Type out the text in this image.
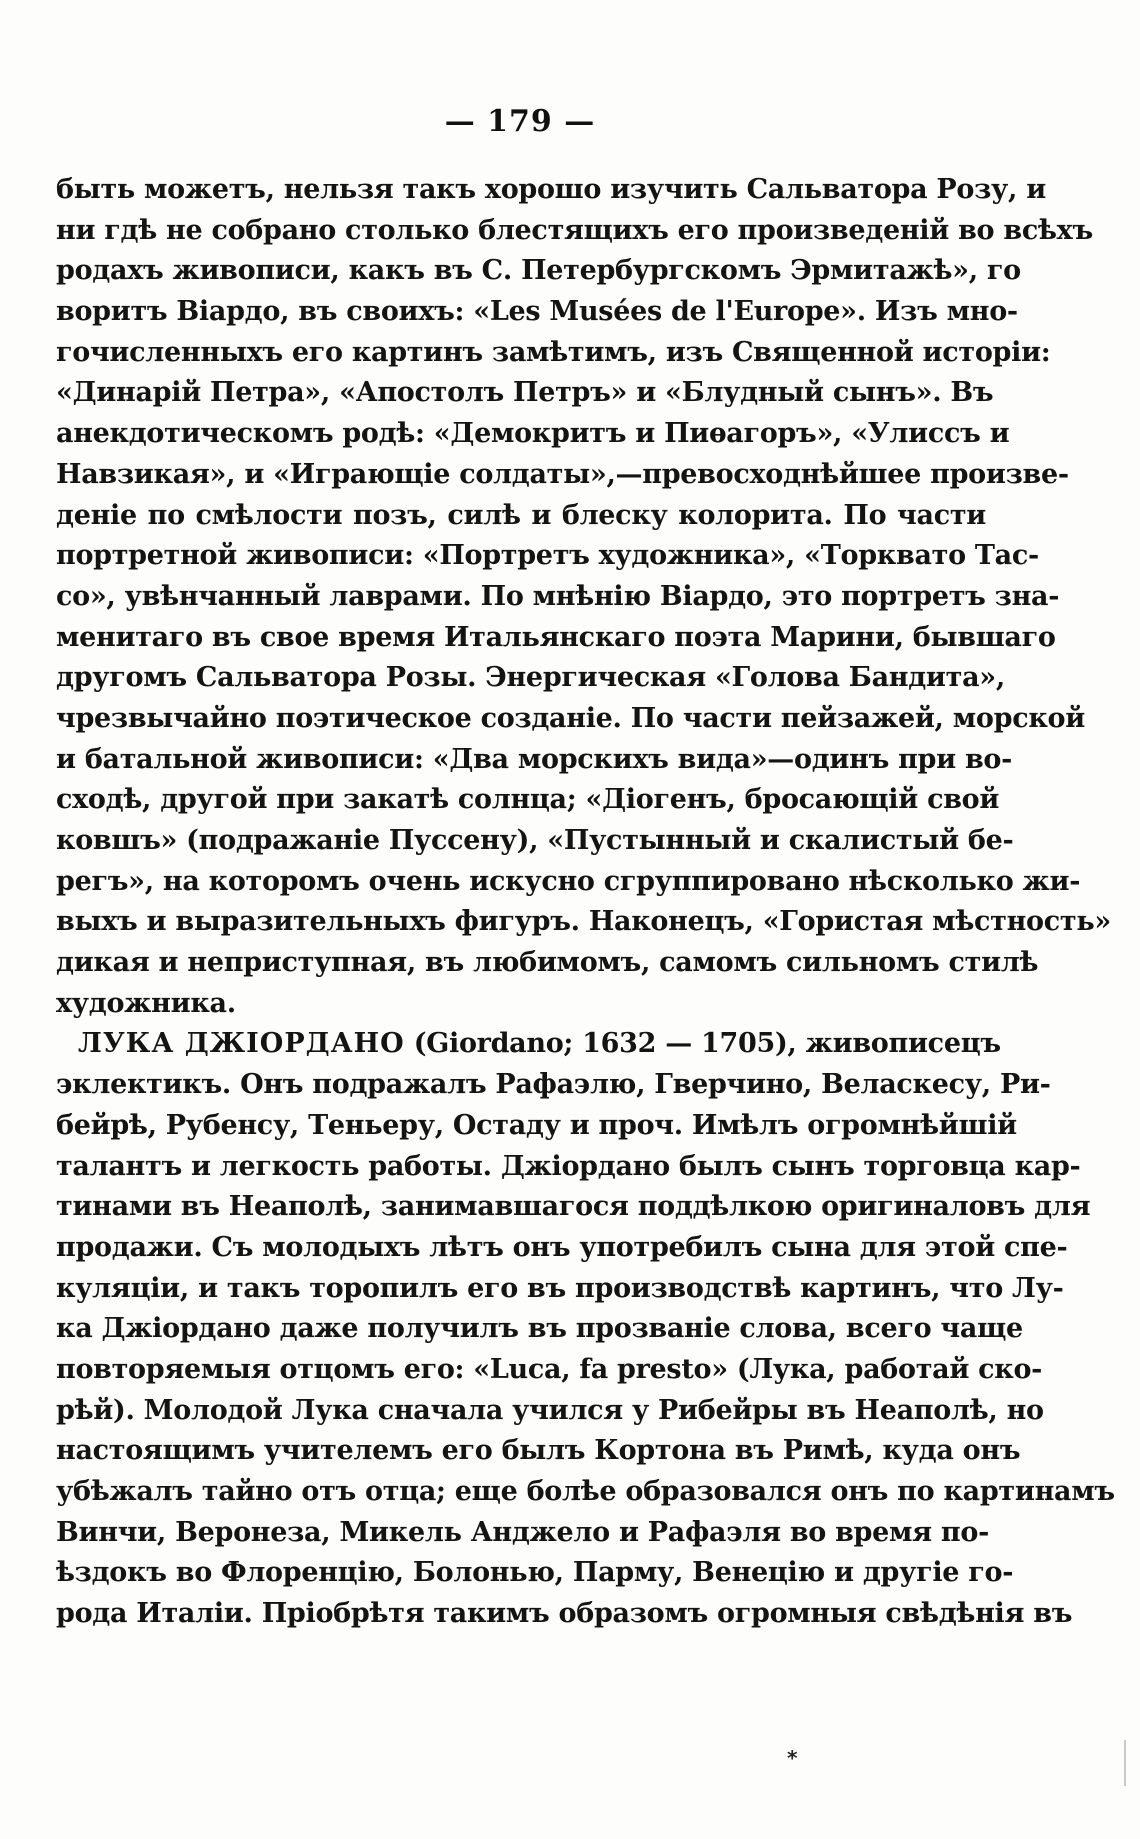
— 179 —
быть можетъ, нельзя такъ хорошо изучить Сальватора Розу, и
ни гдѣ не собрано столько блестящихъ его произведеній во всѣхъ
родахъ живописи, какъ въ С. Петербургскомъ Эрмитажѣ», го
воритъ Віардо, въ своихъ: «Les Musées de l'Europe». Изъ мно-
гочисленныхъ его картинъ замѣтимъ, изъ Священной исторіи:
«Динарій Петра», «Апостолъ Петръ» и «Блудный сынъ». Въ
анекдотическомъ родѣ: «Демокритъ и Пиѳагоръ», «Улиссъ и
Навзикая», и «Играющіе солдаты»,—превосходнѣйшее произве-
деніе по смѣлости позъ, силѣ и блеску колорита. По части
портретной живописи: «Портретъ художника», «Торквато Тас-
со», увѣнчанный лаврами. По мнѣнію Віардо, это портретъ зна-
менитаго въ свое время Итальянскаго поэта Марини, бывшаго
другомъ Сальватора Розы. Энергическая «Голова Бандита»,
чрезвычайно поэтическое созданіе. По части пейзажей, морской
и батальной живописи: «Два морскихъ вида»—одинъ при во-
сходѣ, другой при закатѣ солнца; «Діогенъ, бросающій свой
ковшъ» (подражаніе Пуссену), «Пустынный и скалистый бе-
регъ», на которомъ очень искусно сгруппировано нѣсколько жи-
выхъ и выразительныхъ фигуръ. Наконецъ, «Гористая мѣстность»
дикая и неприступная, въ любимомъ, самомъ сильномъ стилѣ
художника.
ЛУКА ДЖІОРДАНО (Giordano; 1632 — 1705), живописецъ
эклектикъ. Онъ подражалъ Рафаэлю, Гверчино, Веласкесу, Ри-
бейрѣ, Рубенсу, Теньеру, Остаду и проч. Имѣлъ огромнѣйшій
талантъ и легкость работы. Джіордано былъ сынъ торговца кар-
тинами въ Неаполѣ, занимавшагося поддѣлкою оригиналовъ для
продажи. Съ молодыхъ лѣтъ онъ употребилъ сына для этой спе-
куляціи, и такъ торопилъ его въ производствѣ картинъ, что Лу-
ка Джіордано даже получилъ въ прозваніе слова, всего чаще
повторяемыя отцомъ его: «Luca, fa presto» (Лука, работай ско-
рѣй). Молодой Лука сначала учился у Рибейры въ Неаполѣ, но
настоящимъ учителемъ его былъ Кортона въ Римѣ, куда онъ
убѣжалъ тайно отъ отца; еще болѣе образовался онъ по картинамъ
Винчи, Веронеза, Микель Анджело и Рафаэля во время по-
ѣздокъ во Флоренцію, Болонью, Парму, Венецію и другіе го-
рода Италіи. Пріобрѣтя такимъ образомъ огромныя свѣдѣнія въ
*
